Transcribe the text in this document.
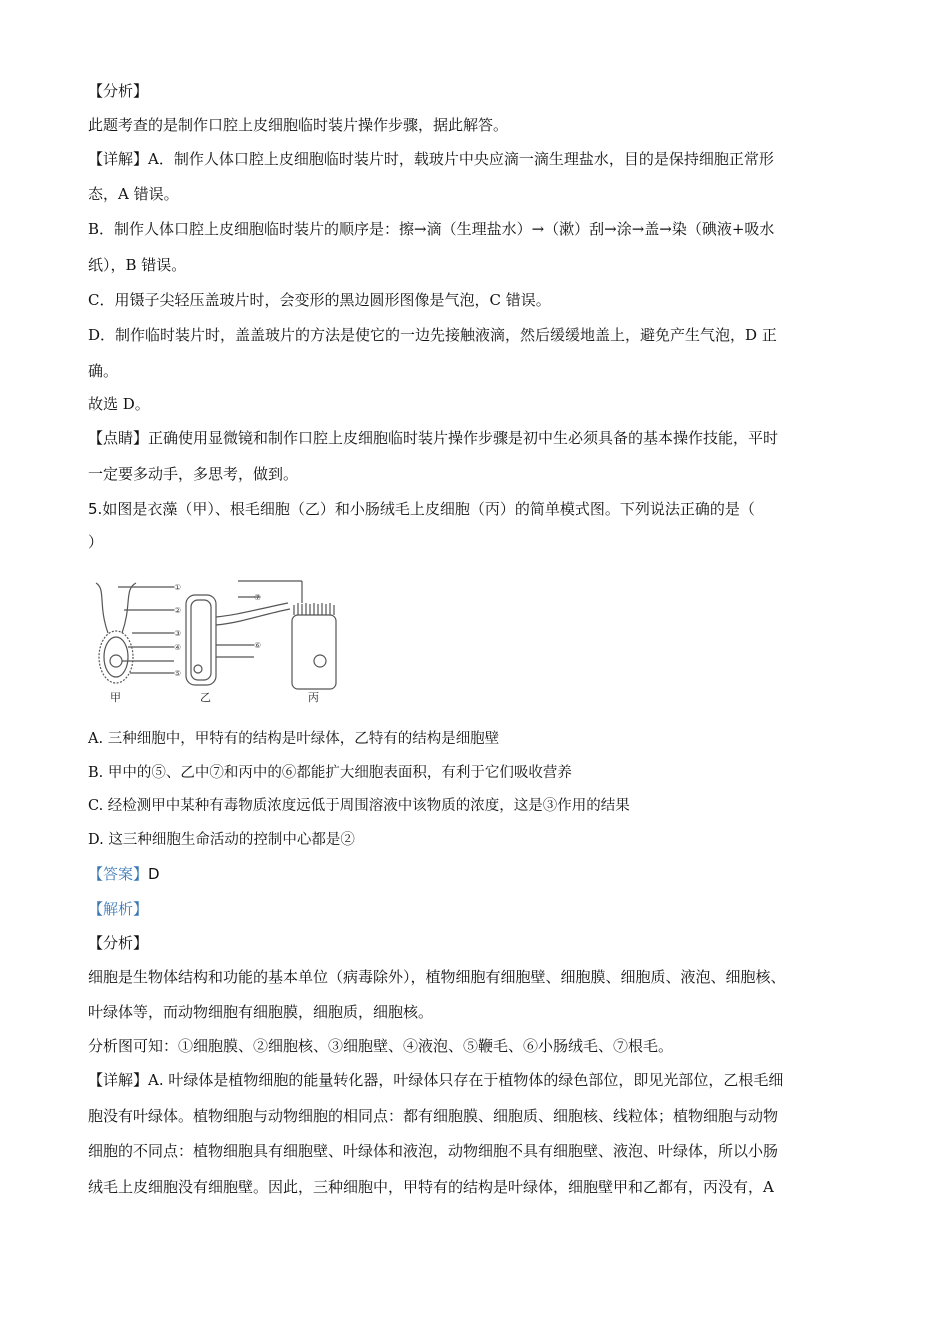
【分析】
此题考查的是制作口腔上皮细胞临时装片操作步骤，据此解答。
【详解】A．制作人体口腔上皮细胞临时装片时，载玻片中央应滴一滴生理盐水，目的是保持细胞正常形
态，A 错误。
B．制作人体口腔上皮细胞临时装片的顺序是：擦→滴（生理盐水）→（漱）刮→涂→盖→染（碘液+吸水
纸），B 错误。
C．用镊子尖轻压盖玻片时，会变形的黑边圆形图像是气泡，C 错误。
D．制作临时装片时，盖盖玻片的方法是使它的一边先接触液滴，然后缓缓地盖上，避免产生气泡，D 正
确。
故选 D。
【点睛】正确使用显微镜和制作口腔上皮细胞临时装片操作步骤是初中生必须具备的基本操作技能，平时
一定要多动手，多思考，做到。
5.如图是衣藻（甲）、根毛细胞（乙）和小肠绒毛上皮细胞（丙）的简单模式图。下列说法正确的是（
）
①
②
③
④
⑤
⑥
⑦
甲	乙	丙
A. 三种细胞中，甲特有的结构是叶绿体，乙特有的结构是细胞壁
B. 甲中的⑤、乙中⑦和丙中的⑥都能扩大细胞表面积，有利于它们吸收营养
C. 经检测甲中某种有毒物质浓度远低于周围溶液中该物质的浓度，这是③作用的结果
D. 这三种细胞生命活动的控制中心都是②
【答案】D
【解析】
【分析】
细胞是生物体结构和功能的基本单位（病毒除外），植物细胞有细胞壁、细胞膜、细胞质、液泡、细胞核、
叶绿体等，而动物细胞有细胞膜，细胞质，细胞核。
分析图可知：①细胞膜、②细胞核、③细胞壁、④液泡、⑤鞭毛、⑥小肠绒毛、⑦根毛。
【详解】A. 叶绿体是植物细胞的能量转化器，叶绿体只存在于植物体的绿色部位，即见光部位，乙根毛细
胞没有叶绿体。植物细胞与动物细胞的相同点：都有细胞膜、细胞质、细胞核、线粒体；植物细胞与动物
细胞的不同点：植物细胞具有细胞壁、叶绿体和液泡，动物细胞不具有细胞壁、液泡、叶绿体，所以小肠
绒毛上皮细胞没有细胞壁。因此，三种细胞中，甲特有的结构是叶绿体，细胞壁甲和乙都有，丙没有，A
